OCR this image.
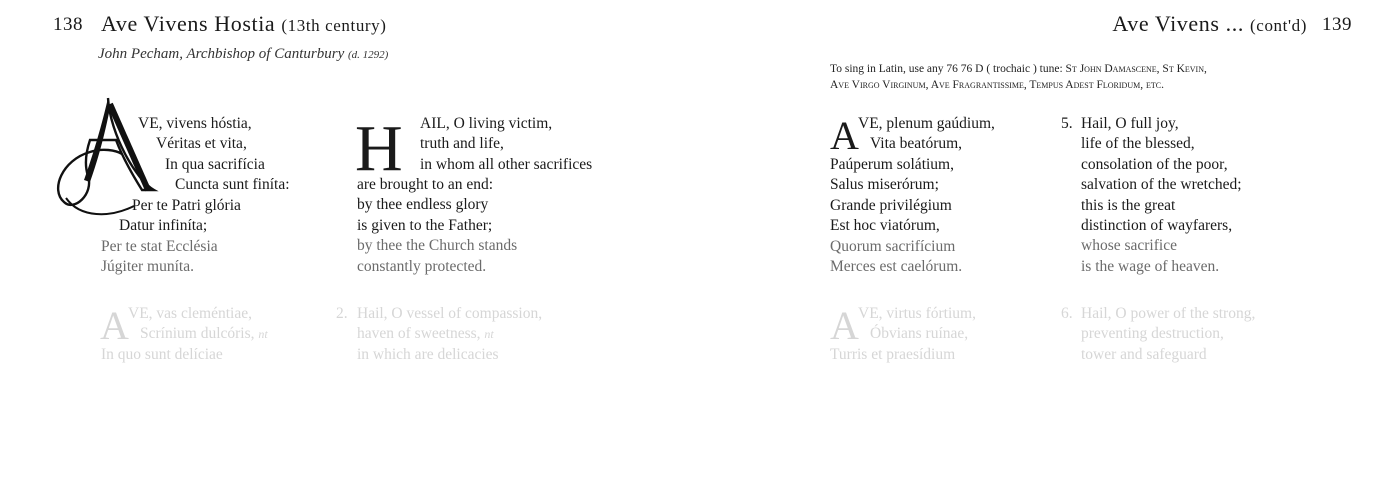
138 Ave Vivens Hostia (13th century)
John Pecham, Archbishop of Canturbury (d. 1292)
VE, vivens hóstia,
Véritas et vita,
In qua sacrifícia
Cuncta sunt finíta:
Per te Patri glória
Datur infiníta;
Per te stat Ecclésia
Júgiter muníta.
H AIL, O living victim,
truth and life,
in whom all other sacrifices
are brought to an end:
by thee endless glory
is given to the Father;
by thee the Church stands
constantly protected.
A VE, vas cleméntiae,
Scrínium dulcóris, nt
In quo sunt delíciae
2. Hail, O vessel of compassion,
haven of sweetness, nt
in which are delicacies
Ave Vivens ... (cont'd) 139
To sing in Latin, use any 76 76 D ( trochaic ) tune: St John Damascene, St Kevin,
Ave Virgo Virginum, Ave Fragrantissime, Tempus Adest Floridum, etc.
A VE, plenum gaúdium,
Vita beatórum,
Paúperum solátium,
Salus miserórum;
Grande privilégium
Est hoc viatórum,
Quorum sacrifícium
Merces est caelórum.
5. Hail, O full joy,
life of the blessed,
consolation of the poor,
salvation of the wretched;
this is the great
distinction of wayfarers,
whose sacrifice
is the wage of heaven.
A VE, virtus fórtium,
Óbvians ruínae,
Turris et praesídium
6. Hail, O power of the strong,
preventing destruction,
tower and safeguard
